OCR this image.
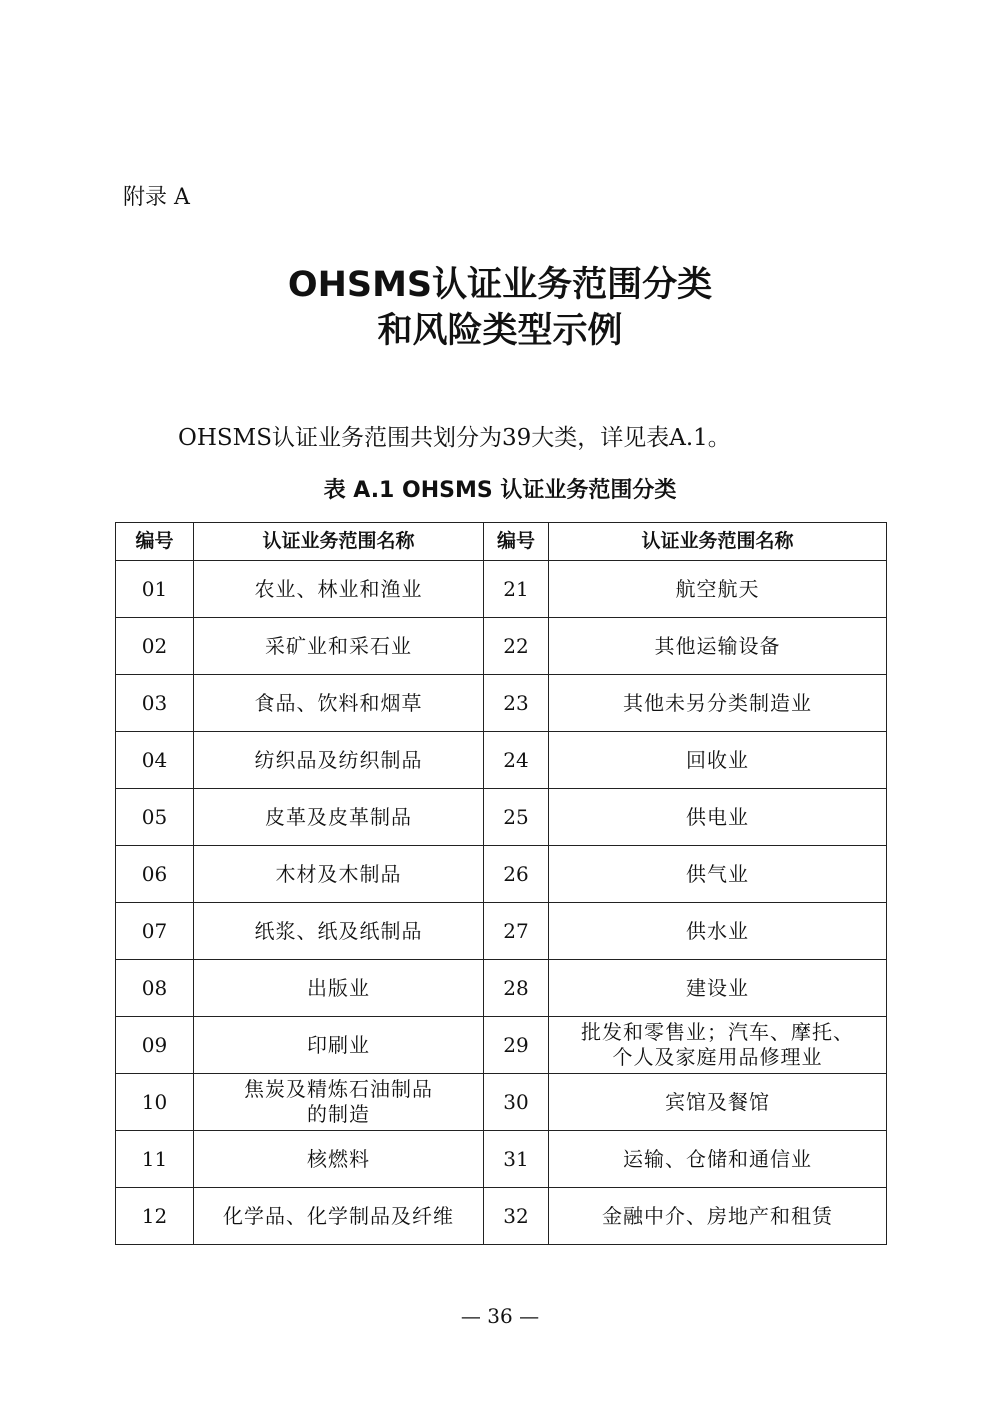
附录 A
OHSMS认证业务范围分类
和风险类型示例
OHSMS认证业务范围共划分为39大类，详见表A.1。
表 A.1 OHSMS 认证业务范围分类
编号	认证业务范围名称	编号	认证业务范围名称
01	农业、林业和渔业	21	航空航天
02	采矿业和采石业	22	其他运输设备
03	食品、饮料和烟草	23	其他未另分类制造业
04	纺织品及纺织制品	24	回收业
05	皮革及皮革制品	25	供电业
06	木材及木制品	26	供气业
07	纸浆、纸及纸制品	27	供水业
08	出版业	28	建设业
09	印刷业	29	批发和零售业；汽车、摩托、
个人及家庭用品修理业
10	焦炭及精炼石油制品
的制造	30	宾馆及餐馆
11	核燃料	31	运输、仓储和通信业
12	化学品、化学制品及纤维	32	金融中介、房地产和租赁
— 36 —
